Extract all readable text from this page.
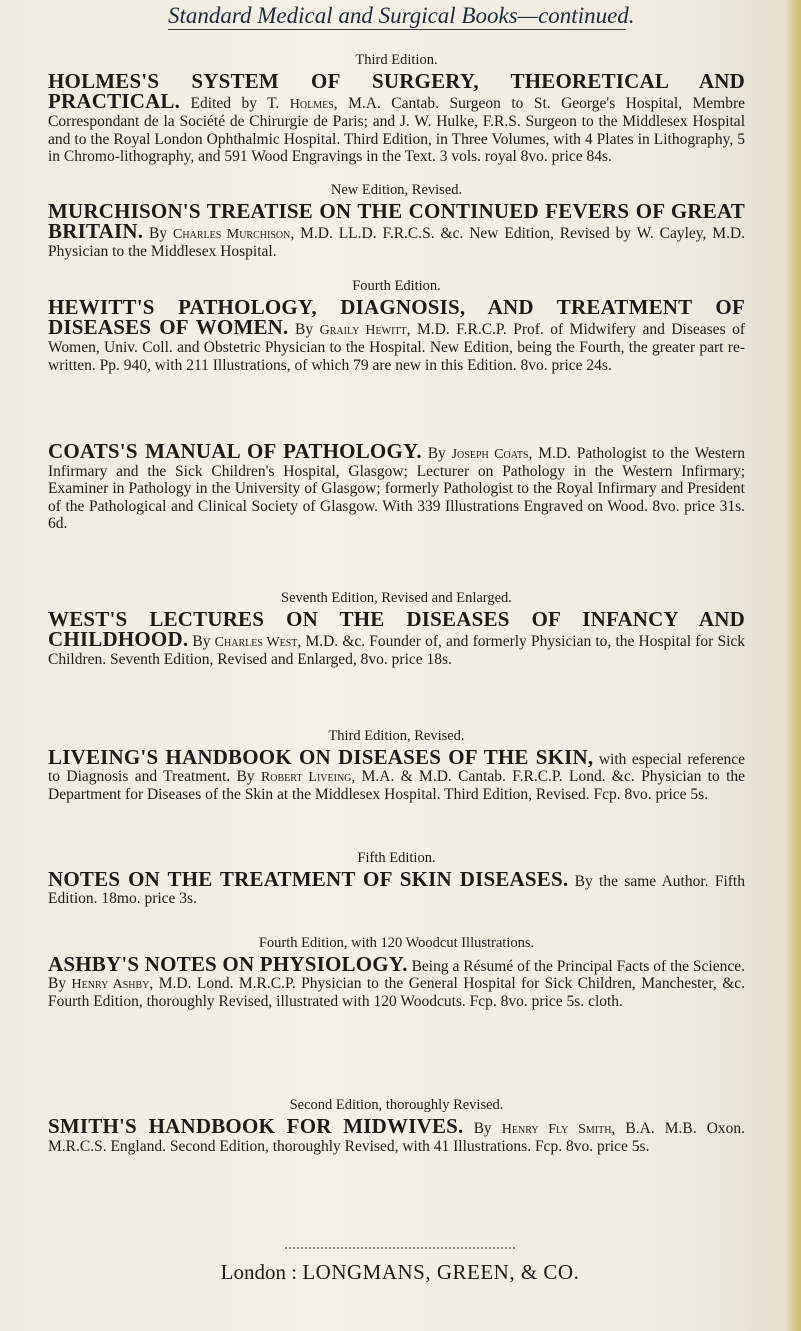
Standard Medical and Surgical Books—continued.
Third Edition.
HOLMES'S SYSTEM OF SURGERY, THEORETICAL AND PRACTICAL. Edited by T. Holmes, M.A. Cantab. Surgeon to St. George's Hospital, Membre Correspondant de la Société de Chirurgie de Paris; and J. W. Hulke, F.R.S. Surgeon to the Middlesex Hospital and to the Royal London Ophthalmic Hospital. Third Edition, in Three Volumes, with 4 Plates in Lithography, 5 in Chromo-lithography, and 591 Wood Engravings in the Text. 3 vols. royal 8vo. price 84s.
New Edition, Revised.
MURCHISON'S TREATISE ON THE CONTINUED FEVERS OF GREAT BRITAIN. By Charles Murchison, M.D. LL.D. F.R.C.S. &c. New Edition, Revised by W. Cayley, M.D. Physician to the Middlesex Hospital.
Fourth Edition.
HEWITT'S PATHOLOGY, DIAGNOSIS, AND TREATMENT OF DISEASES OF WOMEN. By Graily Hewitt, M.D. F.R.C.P. Prof. of Midwifery and Diseases of Women, Univ. Coll. and Obstetric Physician to the Hospital. New Edition, being the Fourth, the greater part re-written. Pp. 940, with 211 Illustrations, of which 79 are new in this Edition. 8vo. price 24s.
COATS'S MANUAL OF PATHOLOGY. By Joseph Coats, M.D. Pathologist to the Western Infirmary and the Sick Children's Hospital, Glasgow; Lecturer on Pathology in the Western Infirmary; Examiner in Pathology in the University of Glasgow; formerly Pathologist to the Royal Infirmary and President of the Pathological and Clinical Society of Glasgow. With 339 Illustrations Engraved on Wood. 8vo. price 31s. 6d.
Seventh Edition, Revised and Enlarged.
WEST'S LECTURES ON THE DISEASES OF INFANCY AND CHILDHOOD. By Charles West, M.D. &c. Founder of, and formerly Physician to, the Hospital for Sick Children. Seventh Edition, Revised and Enlarged, 8vo. price 18s.
Third Edition, Revised.
LIVEING'S HANDBOOK ON DISEASES OF THE SKIN, with especial reference to Diagnosis and Treatment. By Robert Liveing, M.A. & M.D. Cantab. F.R.C.P. Lond. &c. Physician to the Department for Diseases of the Skin at the Middlesex Hospital. Third Edition, Revised. Fcp. 8vo. price 5s.
Fifth Edition.
NOTES ON THE TREATMENT OF SKIN DISEASES. By the same Author. Fifth Edition. 18mo. price 3s.
Fourth Edition, with 120 Woodcut Illustrations.
ASHBY'S NOTES ON PHYSIOLOGY. Being a Résumé of the Principal Facts of the Science. By Henry Ashby, M.D. Lond. M.R.C.P. Physician to the General Hospital for Sick Children, Manchester, &c. Fourth Edition, thoroughly Revised, illustrated with 120 Woodcuts. Fcp. 8vo. price 5s. cloth.
Second Edition, thoroughly Revised.
SMITH'S HANDBOOK FOR MIDWIVES. By Henry Fly Smith, B.A. M.B. Oxon. M.R.C.S. England. Second Edition, thoroughly Revised, with 41 Illustrations. Fcp. 8vo. price 5s.
London : LONGMANS, GREEN, & CO.
